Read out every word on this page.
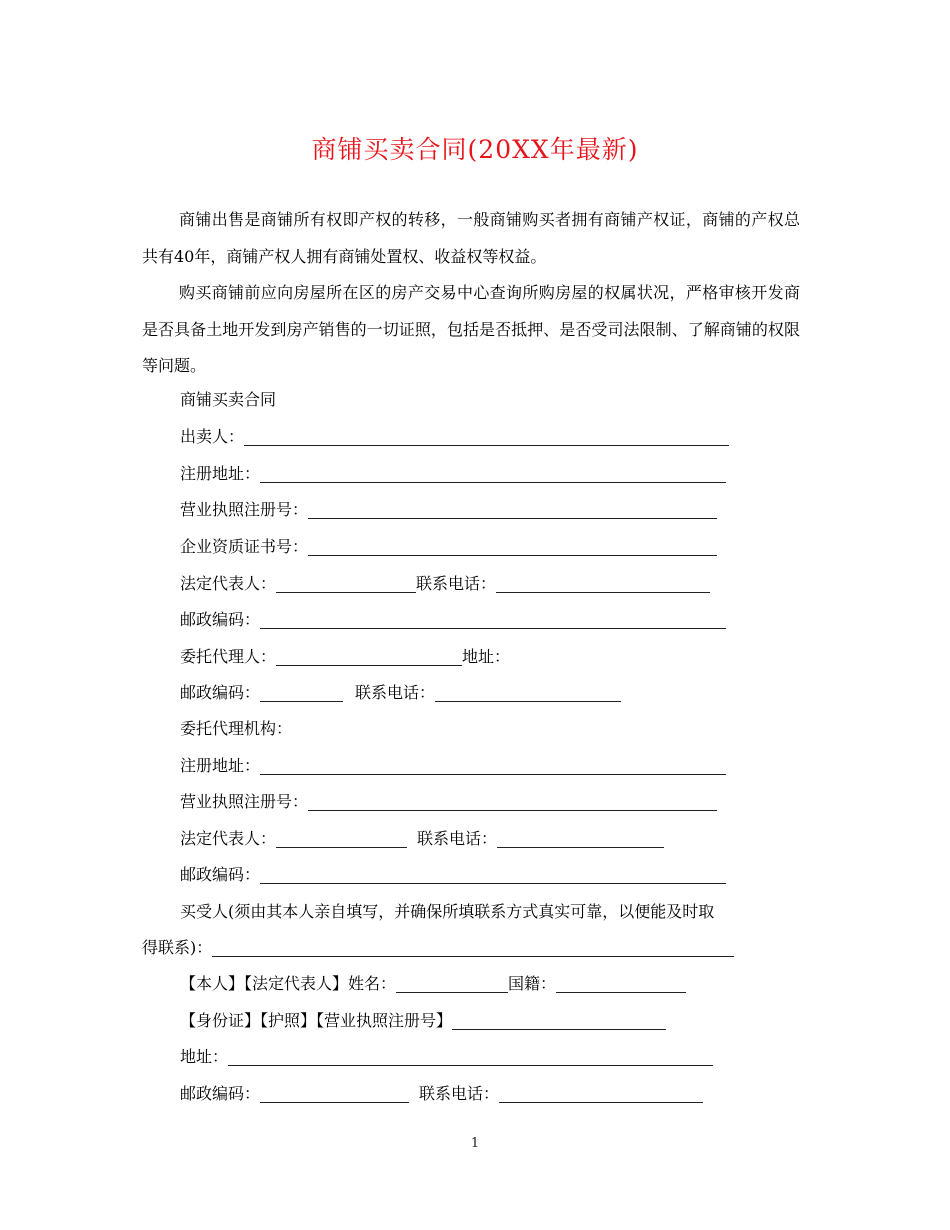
商铺买卖合同(20XX年最新)
商铺出售是商铺所有权即产权的转移，一般商铺购买者拥有商铺产权证，商铺的产权总共有40年，商铺产权人拥有商铺处置权、收益权等权益。
购买商铺前应向房屋所在区的房产交易中心查询所购房屋的权属状况，严格审核开发商是否具备土地开发到房产销售的一切证照，包括是否抵押、是否受司法限制、了解商铺的权限等问题。
商铺买卖合同
出卖人：
注册地址：
营业执照注册号：
企业资质证书号：
法定代表人：	联系电话：
邮政编码：
委托代理人：	地址：
邮政编码：	联系电话：
委托代理机构：
注册地址：
营业执照注册号：
法定代表人：	联系电话：
邮政编码：
买受人(须由其本人亲自填写，并确保所填联系方式真实可靠，以便能及时取
得联系)：
【本人】【法定代表人】姓名：	国籍：
【身份证】【护照】【营业执照注册号】
地址：
邮政编码：	联系电话：
1
